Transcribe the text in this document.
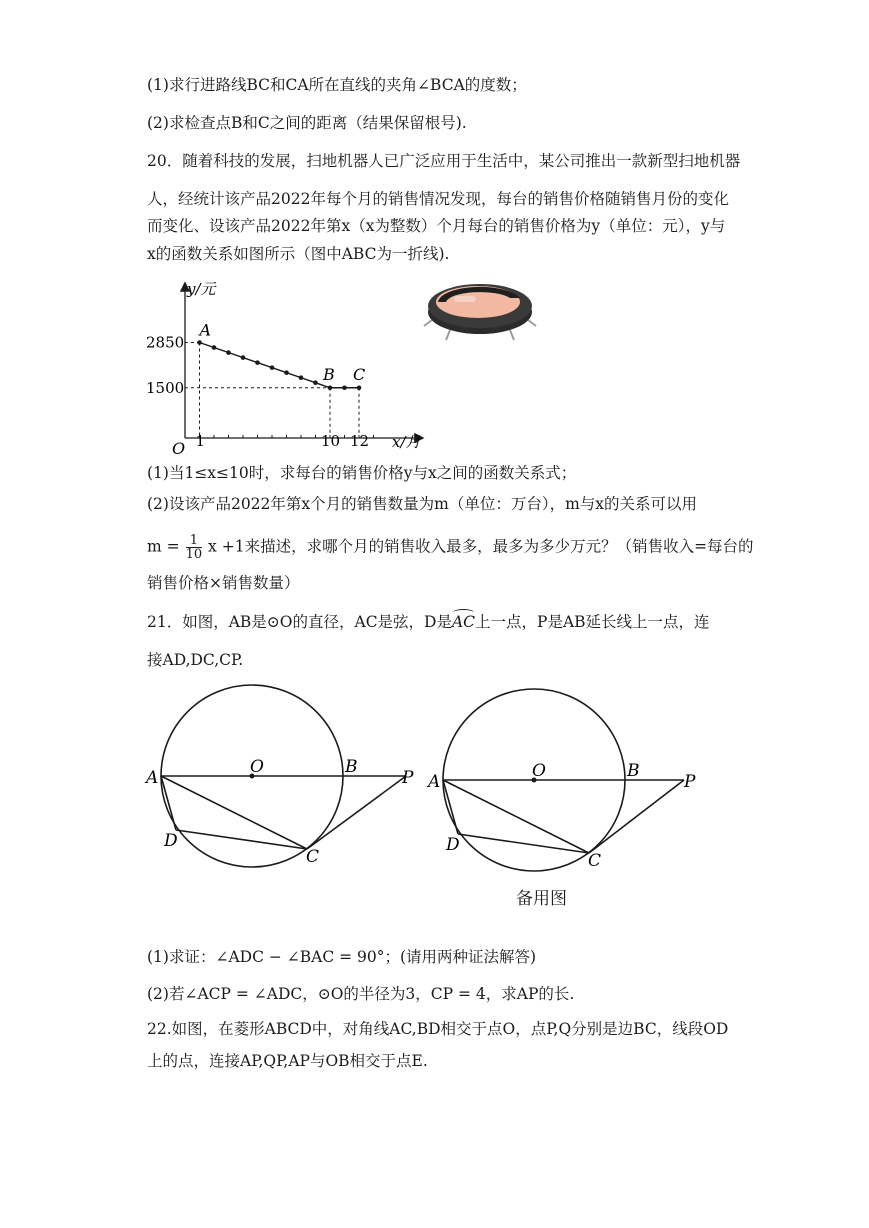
(1)求行进路线BC和CA所在直线的夹角∠BCA的度数；
(2)求检查点B和C之间的距离（结果保留根号).
20．随着科技的发展，扫地机器人已广泛应用于生活中，某公司推出一款新型扫地机器
人，经统计该产品2022年每个月的销售情况发现，每台的销售价格随销售月份的变化
而变化、设该产品2022年第x（x为整数）个月每台的销售价格为y（单位：元），y与
x的函数关系如图所示（图中ABC为一折线).
O	x/月
y/元
1	10 12
2850
1500
A
B C
(1)当1≤x≤10时，求每台的销售价格y与x之间的函数关系式；
(2)设该产品2022年第x个月的销售数量为m（单位：万台），m与x的关系可以用
$m = \frac{1}{10}$ x +1来描述，求哪个月的销售收入最多，最多为多少万元？（销售收入=每台的
销售价格×销售数量）
21．如图，AB是⊙O的直径，AC是弦，D是AC上一点，P是AB延长线上一点，连
接AD,DC,CP.
A
O	B
P
D
C
A
O	B
P
D
C
备用图
(1)求证：∠ADC − ∠BAC = 90°；(请用两种证法解答)
(2)若∠ACP = ∠ADC，⊙O的半径为3，CP = 4，求AP的长.
22.如图，在菱形ABCD中，对角线AC,BD相交于点O，点P,Q分别是边BC，线段OD
上的点，连接AP,QP,AP与OB相交于点E.
